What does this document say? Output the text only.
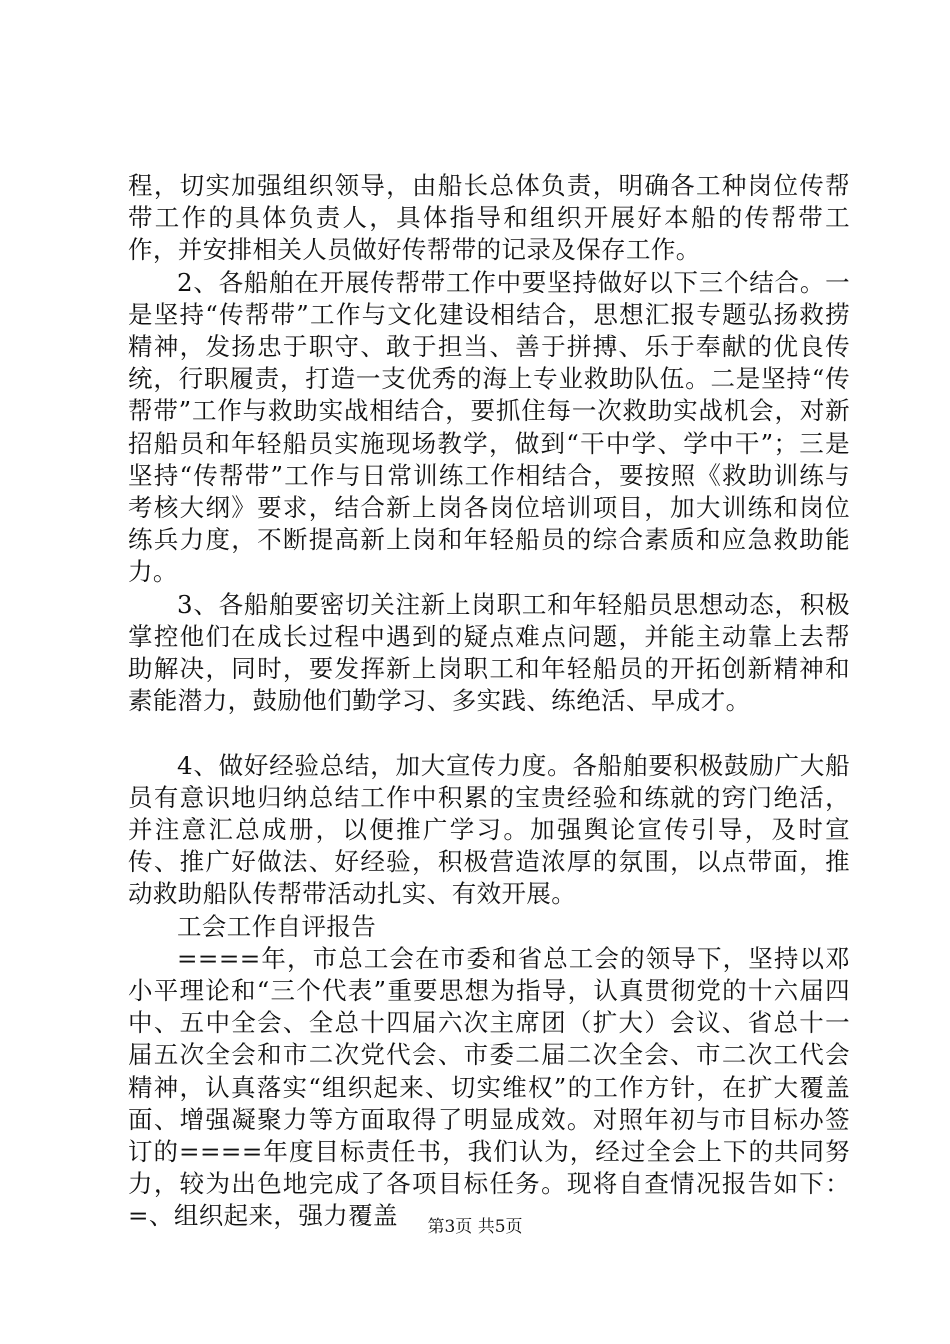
程，切实加强组织领导，由船长总体负责，明确各工种岗位传帮带工作的具体负责人，具体指导和组织开展好本船的传帮带工作，并安排相关人员做好传帮带的记录及保存工作。

2、各船舶在开展传帮带工作中要坚持做好以下三个结合。一是坚持“传帮带”工作与文化建设相结合，思想汇报专题弘扬救捞精神，发扬忠于职守、敢于担当、善于拼搏、乐于奉献的优良传统，行职履责，打造一支优秀的海上专业救助队伍。二是坚持“传帮带”工作与救助实战相结合，要抓住每一次救助实战机会，对新招船员和年轻船员实施现场教学，做到“干中学、学中干”；三是坚持“传帮带”工作与日常训练工作相结合，要按照《救助训练与考核大纲》要求，结合新上岗各岗位培训项目，加大训练和岗位练兵力度，不断提高新上岗和年轻船员的综合素质和应急救助能力。

3、各船舶要密切关注新上岗职工和年轻船员思想动态，积极掌控他们在成长过程中遇到的疑点难点问题，并能主动靠上去帮助解决，同时，要发挥新上岗职工和年轻船员的开拓创新精神和素能潜力，鼓励他们勤学习、多实践、练绝活、早成才。

4、做好经验总结，加大宣传力度。各船舶要积极鼓励广大船员有意识地归纳总结工作中积累的宝贵经验和练就的窍门绝活，并注意汇总成册，以便推广学习。加强舆论宣传引导，及时宣传、推广好做法、好经验，积极营造浓厚的氛围，以点带面，推动救助船队传帮带活动扎实、有效开展。

工会工作自评报告

====年，市总工会在市委和省总工会的领导下，坚持以邓小平理论和“三个代表”重要思想为指导，认真贯彻党的十六届四中、五中全会、全总十四届六次主席团（扩大）会议、省总十一届五次全会和市二次党代会、市委二届二次全会、市二次工代会精神，认真落实“组织起来、切实维权”的工作方针，在扩大覆盖面、增强凝聚力等方面取得了明显成效。对照年初与市目标办签订的====年度目标责任书，我们认为，经过全会上下的共同努力，较为出色地完成了各项目标任务。现将自查情况报告如下：=、组织起来，强力覆盖	第3页 共5页
